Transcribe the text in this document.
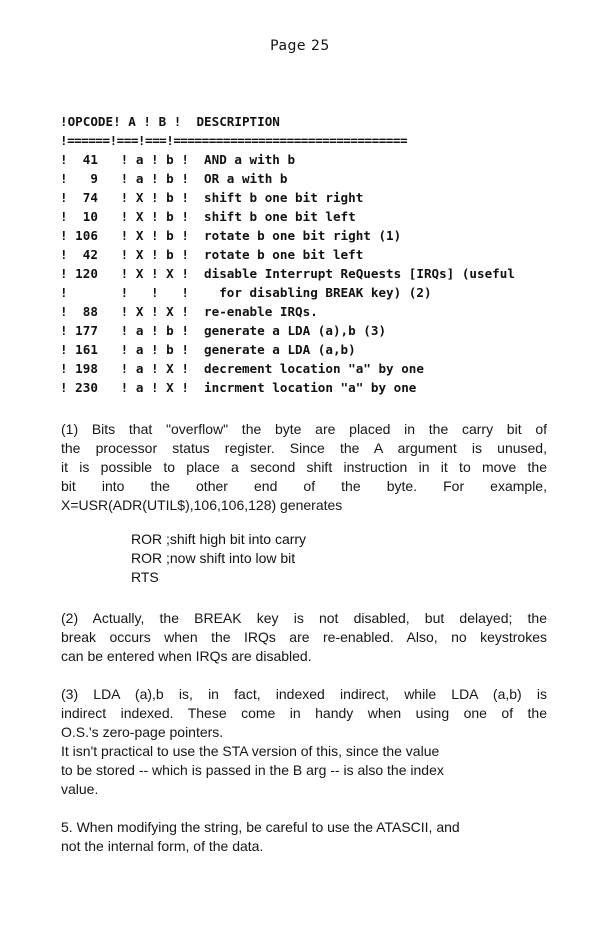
Page 25
!OPCODE! A ! B !  DESCRIPTION
!======!===!===!=================================
!  41   ! a ! b !  AND a with b
!   9   ! a ! b !  OR a with b
!  74   ! X ! b !  shift b one bit right
!  10   ! X ! b !  shift b one bit left
! 106   ! X ! b !  rotate b one bit right (1)
!  42   ! X ! b !  rotate b one bit left
! 120   ! X ! X !  disable Interrupt ReQuests [IRQs] (useful
!       !   !   !    for disabling BREAK key) (2)
!  88   ! X ! X !  re-enable IRQs.
! 177   ! a ! b !  generate a LDA (a),b (3)
! 161   ! a ! b !  generate a LDA (a,b)
! 198   ! a ! X !  decrement location "a" by one
! 230   ! a ! X !  incrment location "a" by one
(1) Bits that "overflow" the byte are placed in the carry bit of
the processor status register. Since the A argument is unused,
it is possible to place a second shift instruction in it to move the
bit into the other end of the byte. For example,
X=USR(ADR(UTIL$),106,106,128) generates
ROR ;shift high bit into carry
ROR ;now shift into low bit
RTS
(2) Actually, the BREAK key is not disabled, but delayed; the
break occurs when the IRQs are re-enabled. Also, no keystrokes
can be entered when IRQs are disabled.
(3) LDA (a),b is, in fact, indexed indirect, while LDA (a,b) is
indirect indexed. These come in handy when using one of the
O.S.'s zero-page pointers.
It isn't practical to use the STA version of this, since the value
to be stored -- which is passed in the B arg -- is also the index
value.
5. When modifying the string, be careful to use the ATASCII, and
not the internal form, of the data.
